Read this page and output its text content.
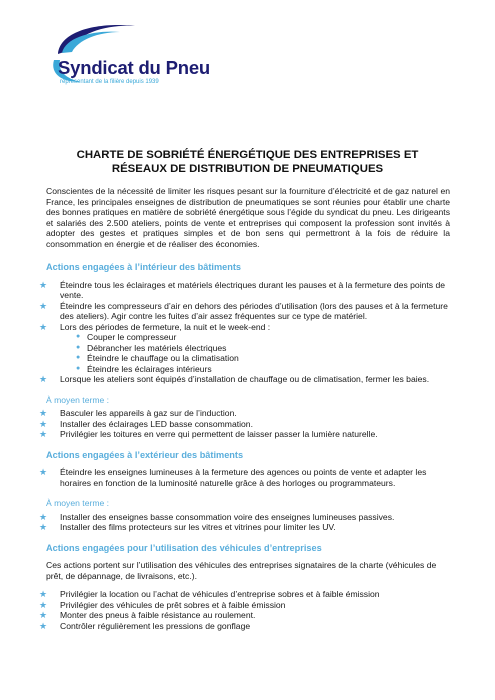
Syndicat du Pneu
représentant de la filière depuis 1939
CHARTE DE SOBRIÉTÉ ÉNERGÉTIQUE DES ENTREPRISES ET
RÉSEAUX DE DISTRIBUTION DE PNEUMATIQUES

Conscientes de la nécessité de limiter les risques pesant sur la fourniture d’électricité et de gaz naturel en France, les principales enseignes de distribution de pneumatiques se sont réunies pour établir une charte des bonnes pratiques en matière de sobriété énergétique sous l’égide du syndicat du pneu. Les dirigeants et salariés des 2.500 ateliers, points de vente et entreprises qui composent la profession sont invités à adopter des gestes et pratiques simples et de bon sens qui permettront à la fois de réduire la consommation en énergie et de réaliser des économies.

Actions engagées à l’intérieur des bâtiments
★ Éteindre tous les éclairages et matériels électriques durant les pauses et à la fermeture des points de vente.
★ Éteindre les compresseurs d’air en dehors des périodes d’utilisation (lors des pauses et à la fermeture des ateliers). Agir contre les fuites d’air assez fréquentes sur ce type de matériel.
★ Lors des périodes de fermeture, la nuit et le week-end :
● Couper le compresseur
● Débrancher les matériels électriques
● Éteindre le chauffage ou la climatisation
● Éteindre les éclairages intérieurs
★ Lorsque les ateliers sont équipés d’installation de chauffage ou de climatisation, fermer les baies.
À moyen terme :
★ Basculer les appareils à gaz sur de l’induction.
★ Installer des éclairages LED basse consommation.
★ Privilégier les toitures en verre qui permettent de laisser passer la lumière naturelle.
Actions engagées à l’extérieur des bâtiments
★ Éteindre les enseignes lumineuses à la fermeture des agences ou points de vente et adapter les horaires en fonction de la luminosité naturelle grâce à des horloges ou programmateurs.
À moyen terme :
★ Installer des enseignes basse consommation voire des enseignes lumineuses passives.
★ Installer des films protecteurs sur les vitres et vitrines pour limiter les UV.
Actions engagées pour l’utilisation des véhicules d’entreprises

Ces actions portent sur l’utilisation des véhicules des entreprises signataires de la charte (véhicules de prêt, de dépannage, de livraisons, etc.).

★ Privilégier la location ou l’achat de véhicules d’entreprise sobres et à faible émission
★ Privilégier des véhicules de prêt sobres et à faible émission
★ Monter des pneus à faible résistance au roulement.
★ Contrôler régulièrement les pressions de gonflage
